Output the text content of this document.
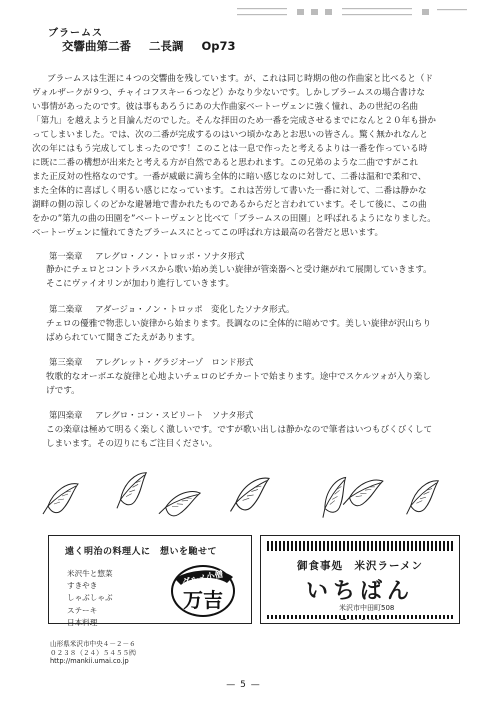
ブラームス
交響曲第二番 二長調 Op73
ブラームスは生涯に４つの交響曲を残しています。が、これは同じ時期の他の作曲家と比べると（ド
ヴォルザークが９つ、チャイコフスキー６つなど）かなり少ないです。しかしブラームスの場合書けな
い事情があったのです。彼は事もあろうにあの大作曲家ベートーヴェンに強く憧れ、あの世紀の名曲
「第九」を越えようと目論んだのでした。そんな拝田のため一番を完成させるまでになんと２０年も掛か
ってしまいました。では、次の二番が完成するのはいつ頃かなあとお思いの皆さん。驚く無かれなんと
次の年にはもう完成してしまったのです！このことは一息で作ったと考えるよりは一番を作っている時
に既に二番の構想が出来たと考える方が自然であると思われます。この兄弟のような二曲ですがこれ
また正反対の性格なのです。一番が威厳に満ち全体的に暗い感じなのに対して、二番は温和で柔和で、
また全体的に喜ばしく明るい感じになっています。これは苦労して書いた一番に対して、二番は静かな
湖畔の側の涼しくのどかな避暑地で書かれたものであるからだと言われています。そして後に、この曲
をかの”第九の曲の田園を”ベートーヴェンと比べて「ブラームスの田園」と呼ばれるようになりました。
ベートーヴェンに憧れてきたブラームスにとってこの呼ばれ方は最高の名誉だと思います。
第一楽章 アレグロ・ノン・トロッポ・ソナタ形式
静かにチェロとコントラバスから歌い始め美しい旋律が管楽器へと受け継がれて展開していきます。
そこにヴァイオリンが加わり進行していきます。
第二楽章 アダージョ・ノン・トロッポ　変化したソナタ形式。
チェロの優雅で物悲しい旋律から始まります。長調なのに全体的に暗めです。美しい旋律が沢山ちり
ばめられていて聞きごたえがあります。
第三楽章 アレグレット・グラジオーゾ　ロンド形式
牧歌的なオーボエな旋律と心地よいチェロのピチカートで始まります。途中でスケルツォが入り楽し
げです。
第四楽章 アレグロ・コン・スピリート　ソナタ形式
この楽章は極めて明るく楽しく激しいです。ですが歌い出しは静かなので筆者はいつもびくびくして
しまいます。その辺りにもご注目ください。
遠く明治の料理人に　想いを馳せて
米沢牛と惣菜
すきやき
しゃぶしゃぶ
ステーキ
日本料理
グルメ小僧
万吉
山形県米沢市中央４－２－６
０２３８（２４）５４５５㈹
http://mankii.umai.co.jp
御食事処　米沢ラーメン
いちばん
米沢市中田町508
— 5 —
